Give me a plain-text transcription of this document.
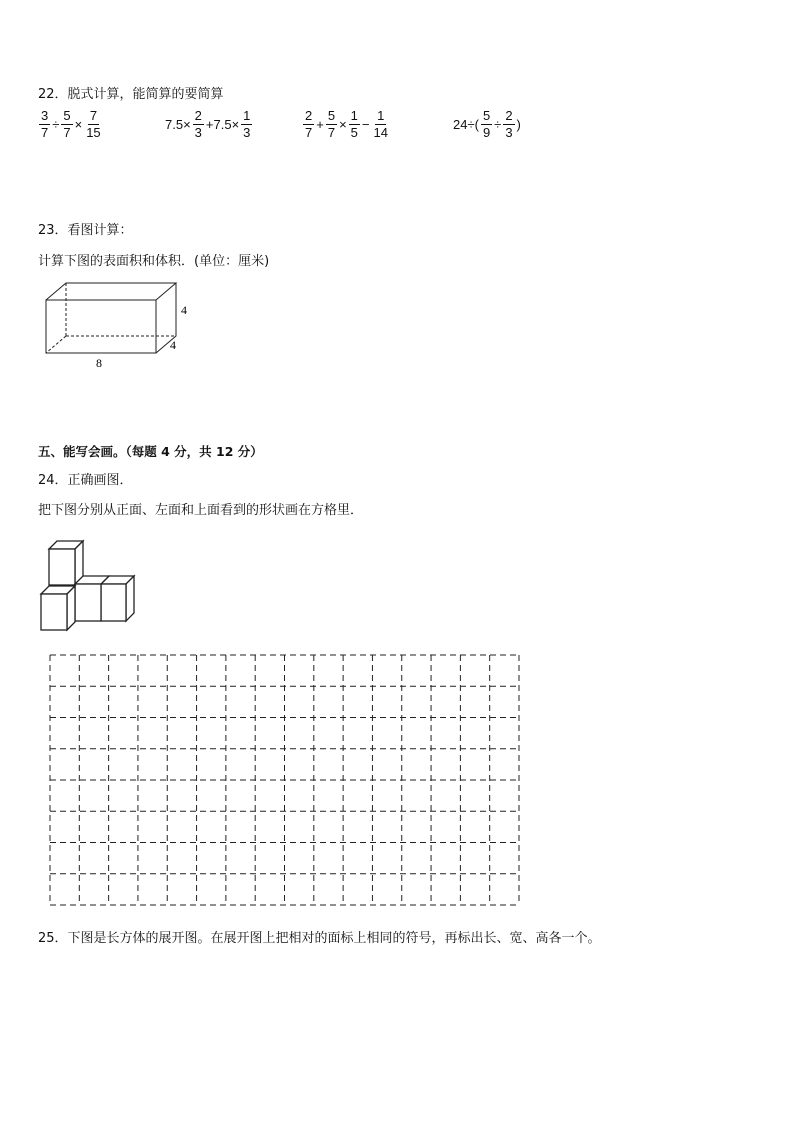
22．脱式计算，能简算的要简算
$\frac{3}{7} \div \frac{5}{7} \times \frac{7}{15}$	$7.5\times \frac{2}{3} +7.5\times \frac{1}{3}$	$\frac{2}{7} + \frac{5}{7} \times \frac{1}{5} - \frac{1}{14}$	$24\div( \frac{5}{9} \div \frac{2}{3}$ )
23．看图计算：
计算下图的表面积和体积．(单位：厘米)
4
4
8
五、能写会画。（每题 4 分，共 12 分）
24．正确画图．
把下图分别从正面、左面和上面看到的形状画在方格里．
25．下图是长方体的展开图。在展开图上把相对的面标上相同的符号，再标出长、宽、高各一个。
